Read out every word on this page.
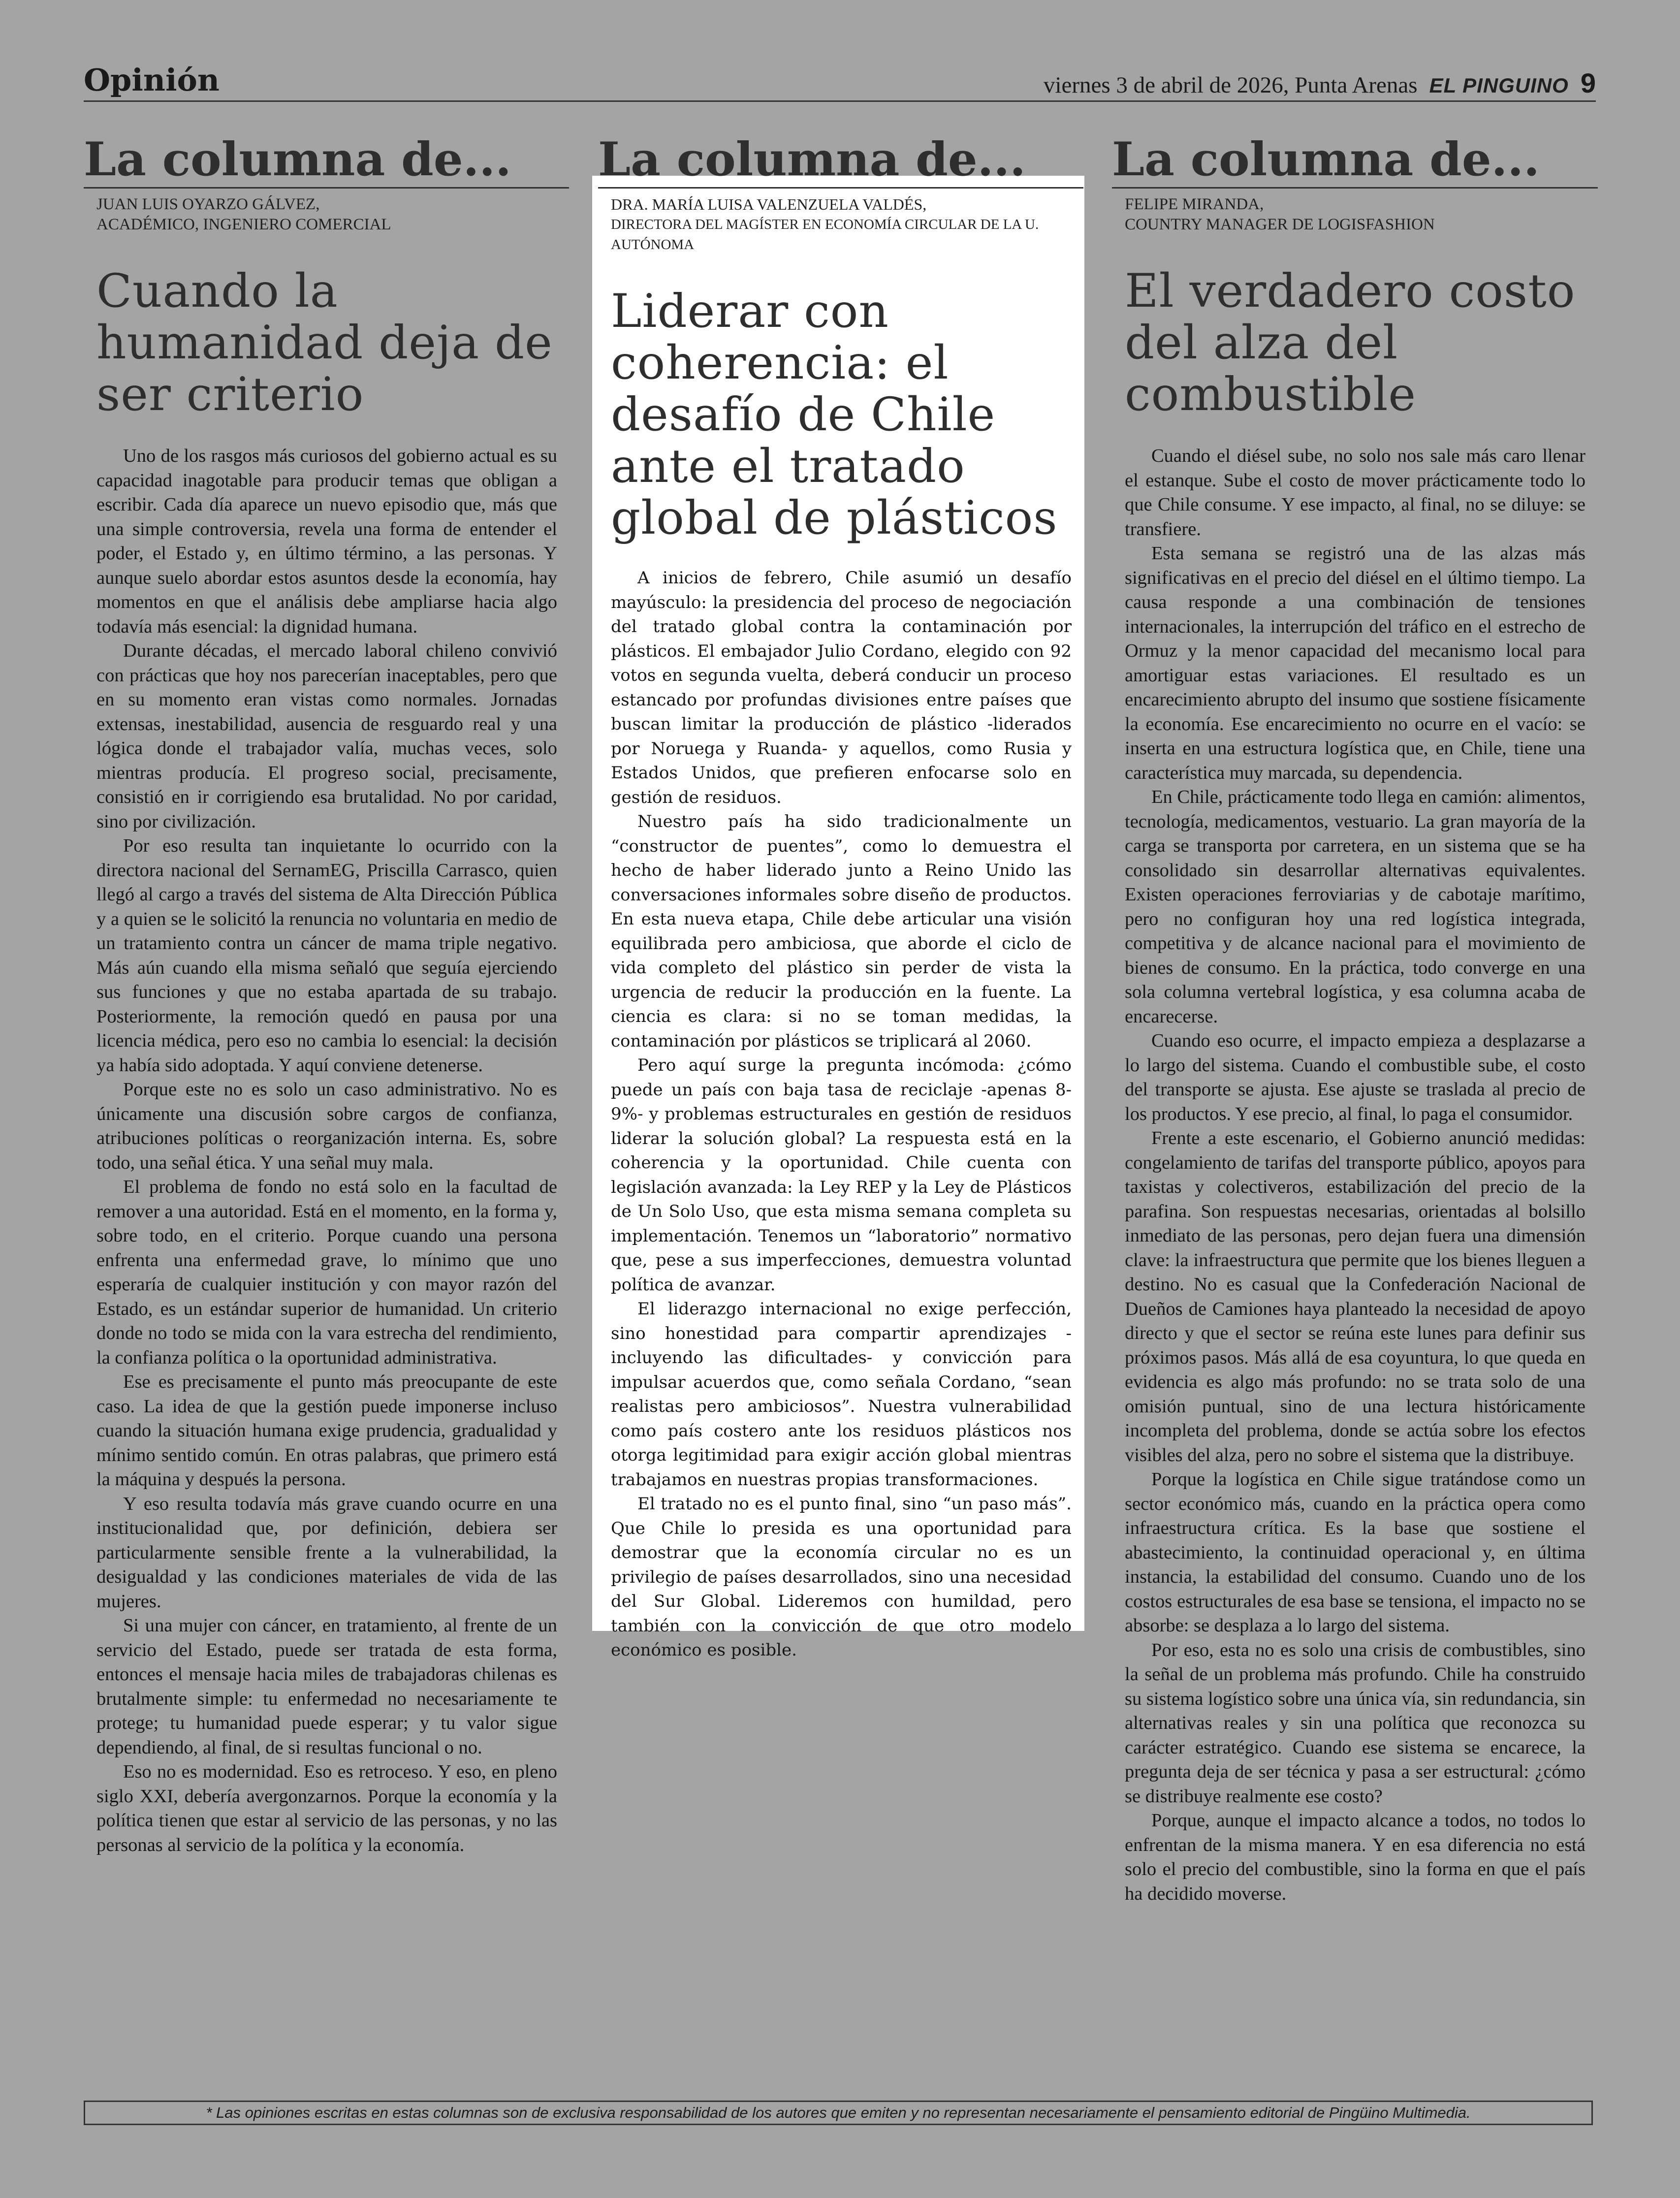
Opinión	viernes 3 de abril de 2026, Punta Arenas EL PINGUINO 9
La columna de...
JUAN LUIS OYARZO GÁLVEZ,
ACADÉMICO, INGENIERO COMERCIAL
Cuando la humanidad deja de ser criterio

Uno de los rasgos más curiosos del gobierno actual es su capacidad inagotable para producir temas que obligan a escribir. Cada día aparece un nuevo episodio que, más que una simple controversia, revela una forma de entender el poder, el Estado y, en último término, a las personas. Y aunque suelo abordar estos asuntos desde la economía, hay momentos en que el análisis debe ampliarse hacia algo todavía más esencial: la dignidad humana.

Durante décadas, el mercado laboral chileno convivió con prácticas que hoy nos parecerían inaceptables, pero que en su momento eran vistas como normales. Jornadas extensas, inestabilidad, ausencia de resguardo real y una lógica donde el trabajador valía, muchas veces, solo mientras producía. El progreso social, precisamente, consistió en ir corrigiendo esa brutalidad. No por caridad, sino por civilización.

Por eso resulta tan inquietante lo ocurrido con la directora nacional del SernamEG, Priscilla Carrasco, quien llegó al cargo a través del sistema de Alta Dirección Pública y a quien se le solicitó la renuncia no voluntaria en medio de un tratamiento contra un cáncer de mama triple negativo. Más aún cuando ella misma señaló que seguía ejerciendo sus funciones y que no estaba apartada de su trabajo. Posteriormente, la remoción quedó en pausa por una licencia médica, pero eso no cambia lo esencial: la decisión ya había sido adoptada. Y aquí conviene detenerse.

Porque este no es solo un caso administrativo. No es únicamente una discusión sobre cargos de confianza, atribuciones políticas o reorganización interna. Es, sobre todo, una señal ética. Y una señal muy mala.

El problema de fondo no está solo en la facultad de remover a una autoridad. Está en el momento, en la forma y, sobre todo, en el criterio. Porque cuando una persona enfrenta una enfermedad grave, lo mínimo que uno esperaría de cualquier institución y con mayor razón del Estado, es un estándar superior de humanidad. Un criterio donde no todo se mida con la vara estrecha del rendimiento, la confianza política o la oportunidad administrativa.

Ese es precisamente el punto más preocupante de este caso. La idea de que la gestión puede imponerse incluso cuando la situación humana exige prudencia, gradualidad y mínimo sentido común. En otras palabras, que primero está la máquina y después la persona.

Y eso resulta todavía más grave cuando ocurre en una institucionalidad que, por definición, debiera ser particularmente sensible frente a la vulnerabilidad, la desigualdad y las condiciones materiales de vida de las mujeres.

Si una mujer con cáncer, en tratamiento, al frente de un servicio del Estado, puede ser tratada de esta forma, entonces el mensaje hacia miles de trabajadoras chilenas es brutalmente simple: tu enfermedad no necesariamente te protege; tu humanidad puede esperar; y tu valor sigue dependiendo, al final, de si resultas funcional o no.

Eso no es modernidad. Eso es retroceso. Y eso, en pleno siglo XXI, debería avergonzarnos. Porque la economía y la política tienen que estar al servicio de las personas, y no las personas al servicio de la política y la economía.

La columna de...
DRA. MARÍA LUISA VALENZUELA VALDÉS,
DIRECTORA DEL MAGÍSTER EN ECONOMÍA CIRCULAR DE LA U. AUTÓNOMA
Liderar con coherencia: el desafío de Chile ante el tratado global de plásticos

A inicios de febrero, Chile asumió un desafío mayúsculo: la presidencia del proceso de negociación del tratado global contra la contaminación por plásticos. El embajador Julio Cordano, elegido con 92 votos en segunda vuelta, deberá conducir un proceso estancado por profundas divisiones entre países que buscan limitar la producción de plástico -liderados por Noruega y Ruanda- y aquellos, como Rusia y Estados Unidos, que prefieren enfocarse solo en gestión de residuos.

Nuestro país ha sido tradicionalmente un “constructor de puentes”, como lo demuestra el hecho de haber liderado junto a Reino Unido las conversaciones informales sobre diseño de productos. En esta nueva etapa, Chile debe articular una visión equilibrada pero ambiciosa, que aborde el ciclo de vida completo del plástico sin perder de vista la urgencia de reducir la producción en la fuente. La ciencia es clara: si no se toman medidas, la contaminación por plásticos se triplicará al 2060.

Pero aquí surge la pregunta incómoda: ¿cómo puede un país con baja tasa de reciclaje -apenas 8-9%- y problemas estructurales en gestión de residuos liderar la solución global? La respuesta está en la coherencia y la oportunidad. Chile cuenta con legislación avanzada: la Ley REP y la Ley de Plásticos de Un Solo Uso, que esta misma semana completa su implementación. Tenemos un “laboratorio” normativo que, pese a sus imperfecciones, demuestra voluntad política de avanzar.

El liderazgo internacional no exige perfección, sino honestidad para compartir aprendizajes -incluyendo las dificultades- y convicción para impulsar acuerdos que, como señala Cordano, “sean realistas pero ambiciosos”. Nuestra vulnerabilidad como país costero ante los residuos plásticos nos otorga legitimidad para exigir acción global mientras trabajamos en nuestras propias transformaciones.

El tratado no es el punto final, sino “un paso más”. Que Chile lo presida es una oportunidad para demostrar que la economía circular no es un privilegio de países desarrollados, sino una necesidad del Sur Global. Lideremos con humildad, pero también con la convicción de que otro modelo económico es posible.

La columna de...
FELIPE MIRANDA,
COUNTRY MANAGER DE LOGISFASHION
El verdadero costo del alza del combustible

Cuando el diésel sube, no solo nos sale más caro llenar el estanque. Sube el costo de mover prácticamente todo lo que Chile consume. Y ese impacto, al final, no se diluye: se transfiere.

Esta semana se registró una de las alzas más significativas en el precio del diésel en el último tiempo. La causa responde a una combinación de tensiones internacionales, la interrupción del tráfico en el estrecho de Ormuz y la menor capacidad del mecanismo local para amortiguar estas variaciones. El resultado es un encarecimiento abrupto del insumo que sostiene físicamente la economía. Ese encarecimiento no ocurre en el vacío: se inserta en una estructura logística que, en Chile, tiene una característica muy marcada, su dependencia.

En Chile, prácticamente todo llega en camión: alimentos, tecnología, medicamentos, vestuario. La gran mayoría de la carga se transporta por carretera, en un sistema que se ha consolidado sin desarrollar alternativas equivalentes. Existen operaciones ferroviarias y de cabotaje marítimo, pero no configuran hoy una red logística integrada, competitiva y de alcance nacional para el movimiento de bienes de consumo. En la práctica, todo converge en una sola columna vertebral logística, y esa columna acaba de encarecerse.

Cuando eso ocurre, el impacto empieza a desplazarse a lo largo del sistema. Cuando el combustible sube, el costo del transporte se ajusta. Ese ajuste se traslada al precio de los productos. Y ese precio, al final, lo paga el consumidor.

Frente a este escenario, el Gobierno anunció medidas: congelamiento de tarifas del transporte público, apoyos para taxistas y colectiveros, estabilización del precio de la parafina. Son respuestas necesarias, orientadas al bolsillo inmediato de las personas, pero dejan fuera una dimensión clave: la infraestructura que permite que los bienes lleguen a destino. No es casual que la Confederación Nacional de Dueños de Camiones haya planteado la necesidad de apoyo directo y que el sector se reúna este lunes para definir sus próximos pasos. Más allá de esa coyuntura, lo que queda en evidencia es algo más profundo: no se trata solo de una omisión puntual, sino de una lectura históricamente incompleta del problema, donde se actúa sobre los efectos visibles del alza, pero no sobre el sistema que la distribuye.

Porque la logística en Chile sigue tratándose como un sector económico más, cuando en la práctica opera como infraestructura crítica. Es la base que sostiene el abastecimiento, la continuidad operacional y, en última instancia, la estabilidad del consumo. Cuando uno de los costos estructurales de esa base se tensiona, el impacto no se absorbe: se desplaza a lo largo del sistema.

Por eso, esta no es solo una crisis de combustibles, sino la señal de un problema más profundo. Chile ha construido su sistema logístico sobre una única vía, sin redundancia, sin alternativas reales y sin una política que reconozca su carácter estratégico. Cuando ese sistema se encarece, la pregunta deja de ser técnica y pasa a ser estructural: ¿cómo se distribuye realmente ese costo?

Porque, aunque el impacto alcance a todos, no todos lo enfrentan de la misma manera. Y en esa diferencia no está solo el precio del combustible, sino la forma en que el país ha decidido moverse.

* Las opiniones escritas en estas columnas son de exclusiva responsabilidad de los autores que emiten y no representan necesariamente el pensamiento editorial de Pingüino Multimedia.
